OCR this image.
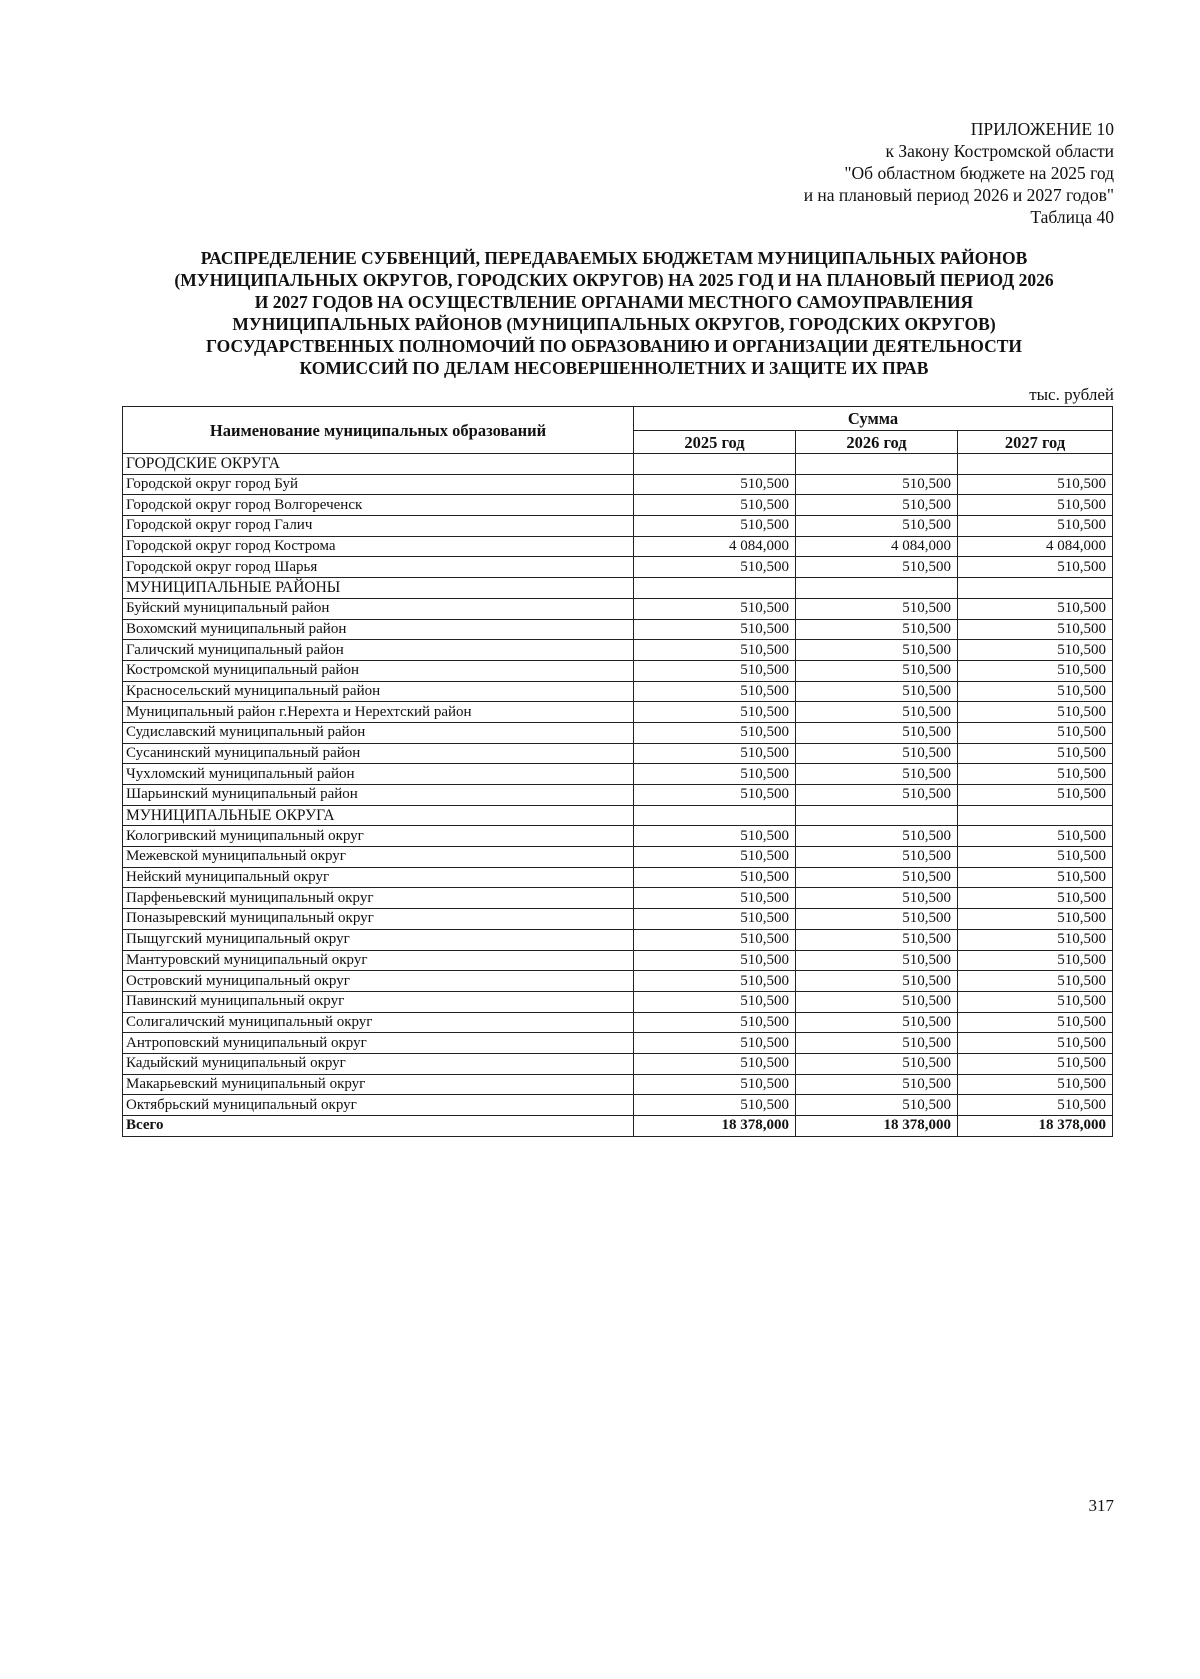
ПРИЛОЖЕНИЕ 10
к Закону Костромской области
"Об областном бюджете на 2025 год
и на плановый период 2026 и 2027 годов"
Таблица 40
РАСПРЕДЕЛЕНИЕ СУБВЕНЦИЙ, ПЕРЕДАВАЕМЫХ БЮДЖЕТАМ МУНИЦИПАЛЬНЫХ РАЙОНОВ
(МУНИЦИПАЛЬНЫХ ОКРУГОВ, ГОРОДСКИХ ОКРУГОВ) НА 2025 ГОД И НА ПЛАНОВЫЙ ПЕРИОД 2026
И 2027 ГОДОВ НА ОСУЩЕСТВЛЕНИЕ ОРГАНАМИ МЕСТНОГО САМОУПРАВЛЕНИЯ
МУНИЦИПАЛЬНЫХ РАЙОНОВ (МУНИЦИПАЛЬНЫХ ОКРУГОВ, ГОРОДСКИХ ОКРУГОВ)
ГОСУДАРСТВЕННЫХ ПОЛНОМОЧИЙ ПО ОБРАЗОВАНИЮ И ОРГАНИЗАЦИИ ДЕЯТЕЛЬНОСТИ
КОМИССИЙ ПО ДЕЛАМ НЕСОВЕРШЕННОЛЕТНИХ И ЗАЩИТЕ ИХ ПРАВ
тыс. рублей
Наименование муниципальных образований	Сумма		
	2025 год	2026 год	2027 год
ГОРОДСКИЕ ОКРУГА			
Городской округ город Буй	510,500	510,500	510,500
Городской округ город Волгореченск	510,500	510,500	510,500
Городской округ город Галич	510,500	510,500	510,500
Городской округ город Кострома	4 084,000	4 084,000	4 084,000
Городской округ город Шарья	510,500	510,500	510,500
МУНИЦИПАЛЬНЫЕ РАЙОНЫ			
Буйский муниципальный район	510,500	510,500	510,500
Вохомский муниципальный район	510,500	510,500	510,500
Галичский муниципальный район	510,500	510,500	510,500
Костромской муниципальный район	510,500	510,500	510,500
Красносельский муниципальный район	510,500	510,500	510,500
Муниципальный район г.Нерехта и Нерехтский район	510,500	510,500	510,500
Судиславский муниципальный район	510,500	510,500	510,500
Сусанинский муниципальный район	510,500	510,500	510,500
Чухломский муниципальный район	510,500	510,500	510,500
Шарьинский муниципальный район	510,500	510,500	510,500
МУНИЦИПАЛЬНЫЕ ОКРУГА			
Кологривский муниципальный округ	510,500	510,500	510,500
Межевской муниципальный округ	510,500	510,500	510,500
Нейский муниципальный округ	510,500	510,500	510,500
Парфеньевский муниципальный округ	510,500	510,500	510,500
Поназыревский муниципальный округ	510,500	510,500	510,500
Пыщугский муниципальный округ	510,500	510,500	510,500
Мантуровский муниципальный округ	510,500	510,500	510,500
Островский муниципальный округ	510,500	510,500	510,500
Павинский муниципальный округ	510,500	510,500	510,500
Солигаличский муниципальный округ	510,500	510,500	510,500
Антроповский муниципальный округ	510,500	510,500	510,500
Кадыйский муниципальный округ	510,500	510,500	510,500
Макарьевский муниципальный округ	510,500	510,500	510,500
Октябрьский муниципальный округ	510,500	510,500	510,500
Всего	18 378,000	18 378,000	18 378,000
317
